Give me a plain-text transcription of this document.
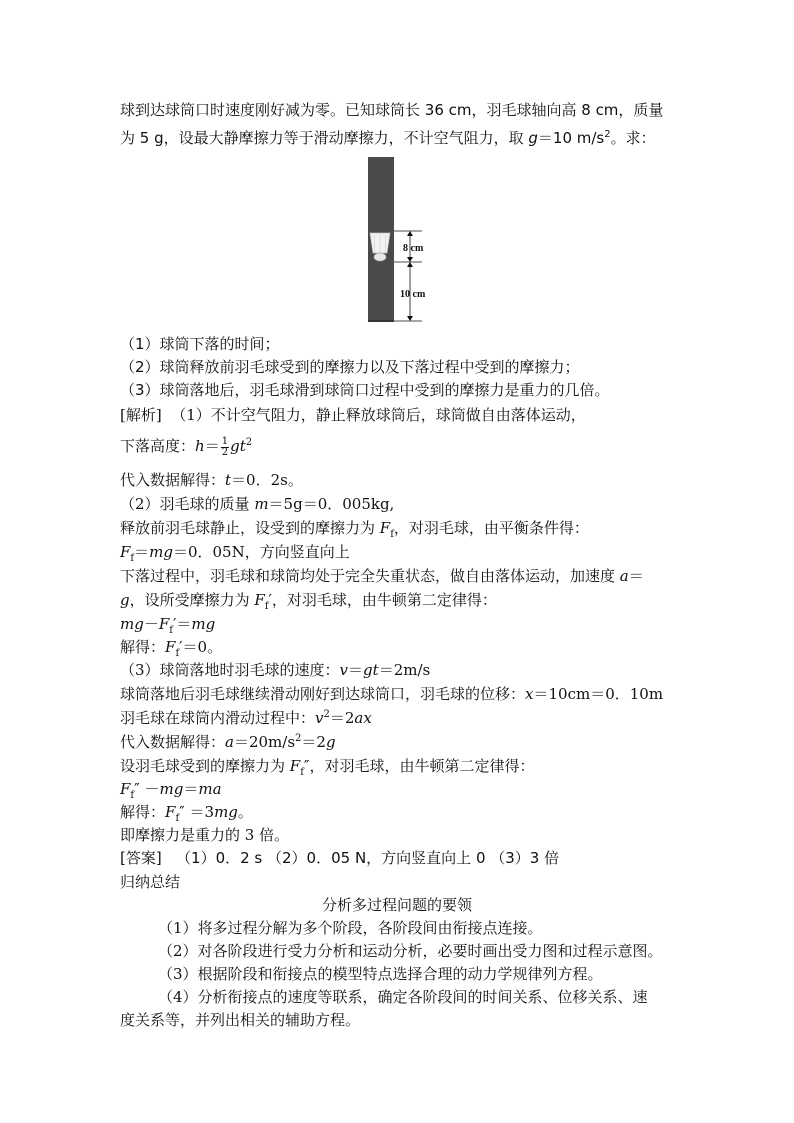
球到达球筒口时速度刚好减为零。已知球筒长 36 cm，羽毛球轴向高 8 cm，质量
为 5 g，设最大静摩擦力等于滑动摩擦力，不计空气阻力，取 g＝10 $m/s^2$。求：
8 cm
10 cm
（1）球筒下落的时间；
（2）球筒释放前羽毛球受到的摩擦力以及下落过程中受到的摩擦力；
（3）球筒落地后，羽毛球滑到球筒口过程中受到的摩擦力是重力的几倍。
[解析] （1）不计空气阻力，静止释放球筒后，球筒做自由落体运动，
下落高度：$h= \frac{1}{2} gt^2$
代入数据解得：t＝0．2s。
（2）羽毛球的质量 m＝5g＝0．005kg,
释放前羽毛球静止，设受到的摩擦力为 $F_f$，对羽毛球，由平衡条件得：
$F_f=mg=0$．05N，方向竖直向上
下落过程中，羽毛球和球筒均处于完全失重状态，做自由落体运动，加速度 a＝
g，设所受摩擦力为 $F_f'$，对羽毛球，由牛顿第二定律得：
$mg-F_f'=mg$
解得：$F_f'=0$。
（3）球筒落地时羽毛球的速度：v＝gt＝2m/s
球筒落地后羽毛球继续滑动刚好到达球筒口，羽毛球的位移：x＝10cm＝0．10m
羽毛球在球筒内滑动过程中：$v^2=2ax$
代入数据解得：$a=20m/s^2=2g$
设羽毛球受到的摩擦力为 $F_f''$，对羽毛球，由牛顿第二定律得：
$F_f'' -mg=ma$
解得：$F_f'' =3mg$。
即摩擦力是重力的 3 倍。
[答案] （1）0．2 s （2）0．05 N，方向竖直向上 0 （3）3 倍
归纳总结
分析多过程问题的要领
（1）将多过程分解为多个阶段，各阶段间由衔接点连接。
（2）对各阶段进行受力分析和运动分析，必要时画出受力图和过程示意图。
（3）根据阶段和衔接点的模型特点选择合理的动力学规律列方程。
（4）分析衔接点的速度等联系，确定各阶段间的时间关系、位移关系、速
度关系等，并列出相关的辅助方程。
